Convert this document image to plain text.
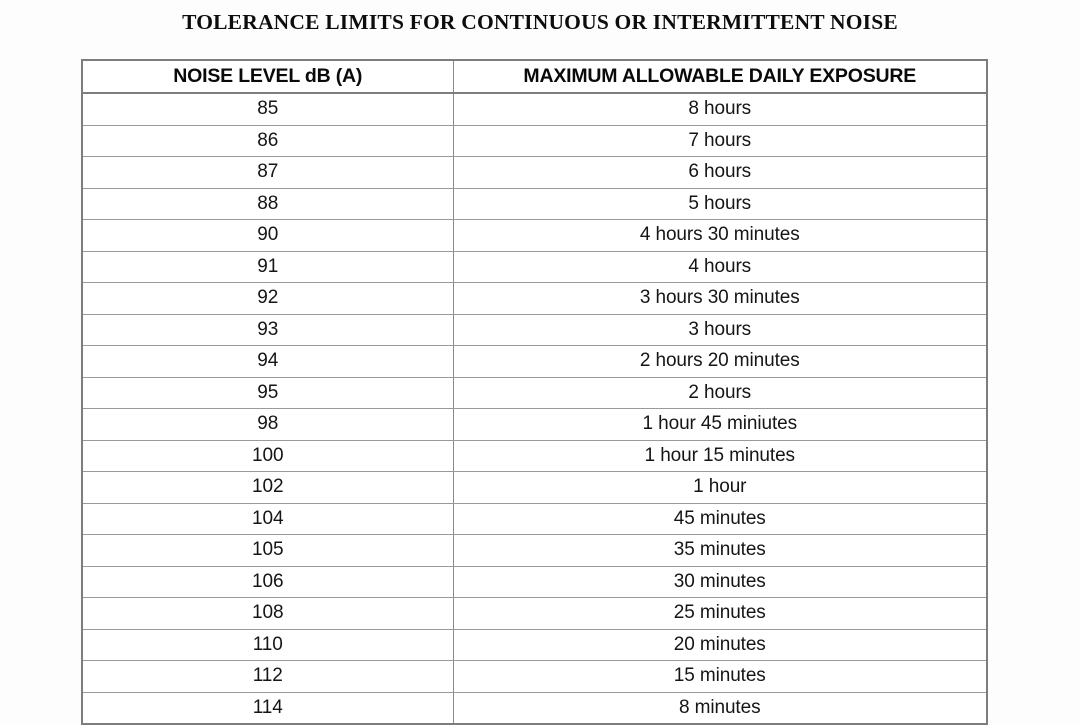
TOLERANCE LIMITS FOR CONTINUOUS OR INTERMITTENT NOISE
NOISE LEVEL dB (A)	MAXIMUM ALLOWABLE DAILY EXPOSURE
85	8 hours
86	7 hours
87	6 hours
88	5 hours
90	4 hours 30 minutes
91	4 hours
92	3 hours 30 minutes
93	3 hours
94	2 hours 20 minutes
95	2 hours
98	1 hour 45 miniutes
100	1 hour 15 minutes
102	1 hour
104	45 minutes
105	35 minutes
106	30 minutes
108	25 minutes
110	20 minutes
112	15 minutes
114	8 minutes
